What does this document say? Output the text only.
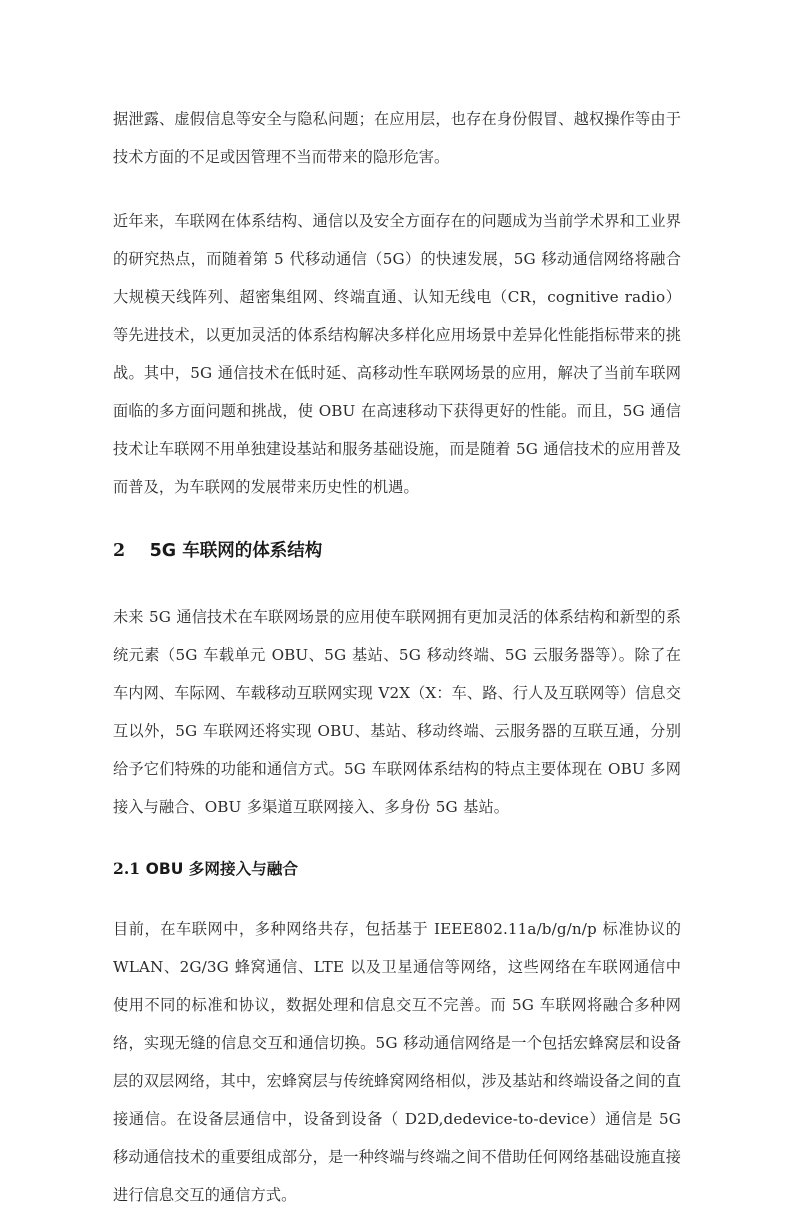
据泄露、虚假信息等安全与隐私问题；在应用层，也存在身份假冒、越权操作等由于技术方面的不足或因管理不当而带来的隐形危害。

近年来，车联网在体系结构、通信以及安全方面存在的问题成为当前学术界和工业界的研究热点，而随着第 5 代移动通信（5G）的快速发展，5G 移动通信网络将融合大规模天线阵列、超密集组网、终端直通、认知无线电（CR，cognitive radio）等先进技术，以更加灵活的体系结构解决多样化应用场景中差异化性能指标带来的挑战。其中，5G 通信技术在低时延、高移动性车联网场景的应用，解决了当前车联网面临的多方面问题和挑战，使 OBU 在高速移动下获得更好的性能。而且，5G 通信技术让车联网不用单独建设基站和服务基础设施，而是随着 5G 通信技术的应用普及而普及，为车联网的发展带来历史性的机遇。

2 5G 车联网的体系结构

未来 5G 通信技术在车联网场景的应用使车联网拥有更加灵活的体系结构和新型的系统元素（5G 车载单元 OBU、5G 基站、5G 移动终端、5G 云服务器等）。除了在车内网、车际网、车载移动互联网实现 V2X（X：车、路、行人及互联网等）信息交互以外，5G 车联网还将实现 OBU、基站、移动终端、云服务器的互联互通，分别给予它们特殊的功能和通信方式。5G 车联网体系结构的特点主要体现在 OBU 多网接入与融合、OBU 多渠道互联网接入、多身份 5G 基站。

2.1 OBU 多网接入与融合

目前，在车联网中，多种网络共存，包括基于 IEEE802.11a/b/g/n/p 标准协议的 WLAN、2G/3G 蜂窝通信、LTE 以及卫星通信等网络，这些网络在车联网通信中使用不同的标准和协议，数据处理和信息交互不完善。而 5G 车联网将融合多种网络，实现无缝的信息交互和通信切换。5G 移动通信网络是一个包括宏蜂窝层和设备层的双层网络，其中，宏蜂窝层与传统蜂窝网络相似，涉及基站和终端设备之间的直接通信。在设备层通信中，设备到设备（ D2D,dedevice-to-device）通信是 5G 移动通信技术的重要组成部分，是一种终端与终端之间不借助任何网络基础设施直接进行信息交互的通信方式。
